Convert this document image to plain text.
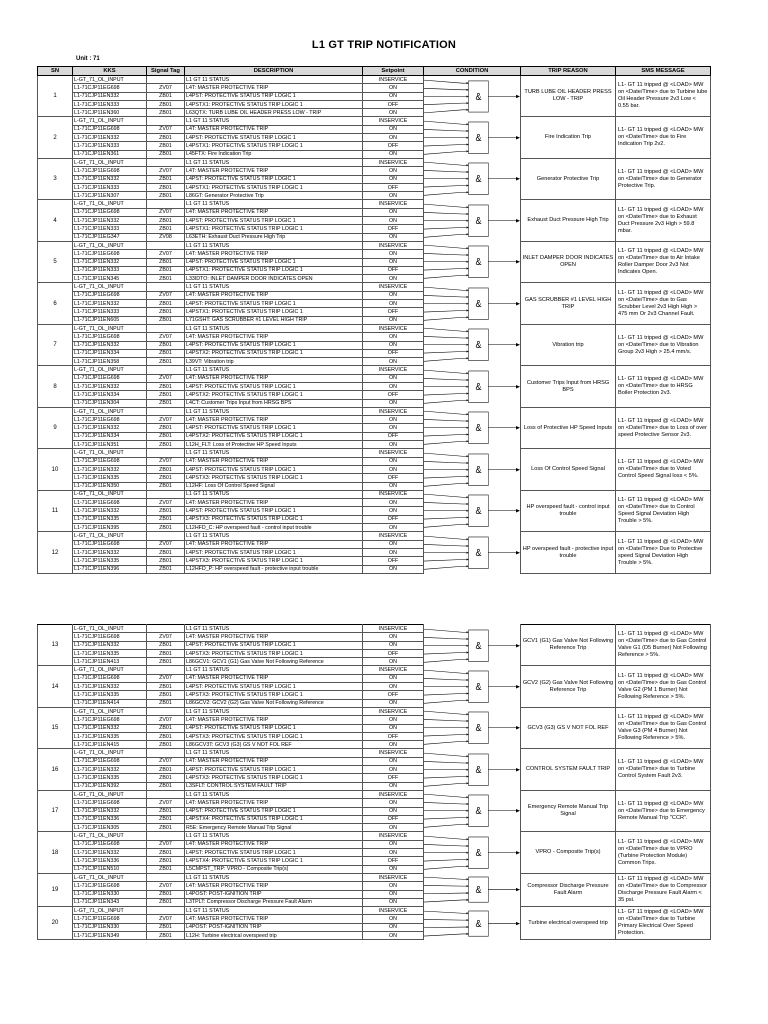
L1 GT TRIP NOTIFICATION
Unit : 71
SN	KKS	Signal Tag	DESCRIPTION	Setpoint	CONDITION	TRIP REASON	SMS MESSAGE
1	L-GT_71_OL_INPUT		L1 GT 11 STATUS	INSERVICE	&	TURB LUBE OIL HEADER PRESS LOW - TRIP	L1- GT 11 tripped @ <LOAD> MW on <Date/Time> due to Turbine lube Oil Header Pressure 2v3 Low < 0.55 bar.
	L1-71CJP11EG698	ZV07	L4T: MASTER PROTECTIVE TRIP	ON			
	L1-71CJP11EN332	ZB01	L4PST: PROTECTIVE STATUS TRIP LOGIC 1	ON			
	L1-71CJP11EN333	ZB01	L4PSTX1: PROTECTIVE STATUS TRIP LOGIC 1	OFF			
	L1-71CJP11EN360	ZB01	L63QTX: TURB LUBE OIL HEADER PRESS LOW - TRIP	ON			
2	L-GT_71_OL_INPUT		L1 GT 11 STATUS	INSERVICE	&	Fire Indication Trip	L1- GT 11 tripped @ <LOAD> MW on <Date/Time> due to Fire Indication Trip 2v2.
	L1-71CJP11EG698	ZV07	L4T: MASTER PROTECTIVE TRIP	ON			
	L1-71CJP11EN332	ZB01	L4PST: PROTECTIVE STATUS TRIP LOGIC 1	ON			
	L1-71CJP11EN333	ZB01	L4PSTX1: PROTECTIVE STATUS TRIP LOGIC 1	OFF			
	L1-71CJP11EN361	ZB01	L45FTX: Fire Indication Trip	ON			
3	L-GT_71_OL_INPUT		L1 GT 11 STATUS	INSERVICE	&	Generator Protective Trip	L1- GT 11 tripped @ <LOAD> MW on <Date/Time> due to Generator Protective Trip.
	L1-71CJP11EG698	ZV07	L4T: MASTER PROTECTIVE TRIP	ON			
	L1-71CJP11EN332	ZB01	L4PST: PROTECTIVE STATUS TRIP LOGIC 1	ON			
	L1-71CJP11EN333	ZB01	L4PSTX1: PROTECTIVE STATUS TRIP LOGIC 1	OFF			
	L1-71CJP11EN307	ZB01	L86GT: Generator Protective Trip	ON			
4	L-GT_71_OL_INPUT		L1 GT 11 STATUS	INSERVICE	&	Exhaust Duct Pressure High Trip	L1- GT 11 tripped @ <LOAD> MW on <Date/Time> due to Exhaust Duct Pressure 2v3 High > 59.8 mbar.
	L1-71CJP11EG698	ZV07	L4T: MASTER PROTECTIVE TRIP	ON			
	L1-71CJP11EN332	ZB01	L4PST: PROTECTIVE STATUS TRIP LOGIC 1	ON			
	L1-71CJP11EN333	ZB01	L4PSTX1: PROTECTIVE STATUS TRIP LOGIC 1	OFF			
	L1-71CJP11EG347	ZV08	L63ETH: Exhaust Duct Pressure High Trip	ON			
5	L-GT_71_OL_INPUT		L1 GT 11 STATUS	INSERVICE	&	INLET DAMPER DOOR INDICATES OPEN	L1- GT 11 tripped @ <LOAD> MW on <Date/Time> due to Air Intake Roller Damper Door 2v3 Not Indicates Open.
	L1-71CJP11EG698	ZV07	L4T: MASTER PROTECTIVE TRIP	ON			
	L1-71CJP11EN332	ZB01	L4PST: PROTECTIVE STATUS TRIP LOGIC 1	ON			
	L1-71CJP11EN333	ZB01	L4PSTX1: PROTECTIVE STATUS TRIP LOGIC 1	OFF			
	L1-71CJP11EN345	ZB01	L33IDTO: INLET DAMPER DOOR INDICATES OPEN	ON			
6	L-GT_71_OL_INPUT		L1 GT 11 STATUS	INSERVICE	&	GAS SCRUBBER #1 LEVEL HIGH TRIP	L1- GT 11 tripped @ <LOAD> MW on <Date/Time> due to Gas Scrubber Level 2v3 High High > 475 mm Or 2v3 Channel Fault.
	L1-71CJP11EG698	ZV07	L4T: MASTER PROTECTIVE TRIP	ON			
	L1-71CJP11EN332	ZB01	L4PST: PROTECTIVE STATUS TRIP LOGIC 1	ON			
	L1-71CJP11EN333	ZB01	L4PSTX1: PROTECTIVE STATUS TRIP LOGIC 1	OFF			
	L1-71CJP11EN605	ZB01	L71GSHT: GAS SCRUBBER #1 LEVEL HIGH TRIP	ON			
7	L-GT_71_OL_INPUT		L1 GT 11 STATUS	INSERVICE	&	Vibration trip	L1- GT 11 tripped @ <LOAD> MW on <Date/Time> due to Vibration Group 2v3 High > 25.4 mm/s.
	L1-71CJP11EG698	ZV07	L4T: MASTER PROTECTIVE TRIP	ON			
	L1-71CJP11EN332	ZB01	L4PST: PROTECTIVE STATUS TRIP LOGIC 1	ON			
	L1-71CJP11EN334	ZB01	L4PSTX2: PROTECTIVE STATUS TRIP LOGIC 1	OFF			
	L1-71CJP11EN358	ZB01	L39VT: Vibration trip	ON			
8	L-GT_71_OL_INPUT		L1 GT 11 STATUS	INSERVICE	&	Customer Trips Input from HRSG BPS	L1- GT 11 tripped @ <LOAD> MW on <Date/Time> due to HRSG Boiler Protection 2v3.
	L1-71CJP11EG698	ZV07	L4T: MASTER PROTECTIVE TRIP	ON			
	L1-71CJP11EN332	ZB01	L4PST: PROTECTIVE STATUS TRIP LOGIC 1	ON			
	L1-71CJP11EN334	ZB01	L4PSTX2: PROTECTIVE STATUS TRIP LOGIC 1	OFF			
	L1-71CJP11EN304	ZB01	L4CT: Customer Trips Input from HRSG BPS	ON			
9	L-GT_71_OL_INPUT		L1 GT 11 STATUS	INSERVICE	&	Loss of Protective HP Speed Inputs	L1- GT 11 tripped @ <LOAD> MW on <Date/Time> due to Loss of over speed Protective Sensor 2v3.
	L1-71CJP11EG698	ZV07	L4T: MASTER PROTECTIVE TRIP	ON			
	L1-71CJP11EN332	ZB01	L4PST: PROTECTIVE STATUS TRIP LOGIC 1	ON			
	L1-71CJP11EN334	ZB01	L4PSTX2: PROTECTIVE STATUS TRIP LOGIC 1	OFF			
	L1-71CJP11EN351	ZB01	L12H_FLT: Loss of Protective HP Speed Inputs	ON			
10	L-GT_71_OL_INPUT		L1 GT 11 STATUS	INSERVICE	&	Loss Of Control Speed Signal	L1- GT 11 tripped @ <LOAD> MW on <Date/Time> due to Voted Control Speed Signal loss < 5%.
	L1-71CJP11EG698	ZV07	L4T: MASTER PROTECTIVE TRIP	ON			
	L1-71CJP11EN332	ZB01	L4PST: PROTECTIVE STATUS TRIP LOGIC 1	ON			
	L1-71CJP11EN335	ZB01	L4PSTX3: PROTECTIVE STATUS TRIP LOGIC 1	OFF			
	L1-71CJP11EN350	ZB01	L12HF: Loss Of Control Speed Signal	ON			
11	L-GT_71_OL_INPUT		L1 GT 11 STATUS	INSERVICE	&	HP overspeed fault - control input trouble	L1- GT 11 tripped @ <LOAD> MW on <Date/Time> due to Control Speed Signal Deviation High Trouble > 5%.
	L1-71CJP11EG698	ZV07	L4T: MASTER PROTECTIVE TRIP	ON			
	L1-71CJP11EN332	ZB01	L4PST: PROTECTIVE STATUS TRIP LOGIC 1	ON			
	L1-71CJP11EN335	ZB01	L4PSTX3: PROTECTIVE STATUS TRIP LOGIC 1	OFF			
	L1-71CJP11EN395	ZB01	L12HFD_C: HP overspeed fault - control input trouble	ON			
12	L-GT_71_OL_INPUT		L1 GT 11 STATUS	INSERVICE	&	HP overspeed fault - protective input trouble	L1- GT 11 tripped @ <LOAD> MW on <Date/Time> Due to Protective speed Signal Deviation High Trouble > 5%.
	L1-71CJP11EG698	ZV07	L4T: MASTER PROTECTIVE TRIP	ON			
	L1-71CJP11EN332	ZB01	L4PST: PROTECTIVE STATUS TRIP LOGIC 1	ON			
	L1-71CJP11EN335	ZB01	L4PSTX3: PROTECTIVE STATUS TRIP LOGIC 1	OFF			
	L1-71CJP11EN396	ZB01	L12HFD_P: HP overspeed fault - protective input trouble	ON			
13	L-GT_71_OL_INPUT		L1 GT 11 STATUS	INSERVICE	&	GCV1 (G1) Gas Valve Not Following Reference Trip	L1- GT 11 tripped @ <LOAD> MW on <Date/Time> due to Gas Control Valve G1 (D5 Burner) Not Following Reference > 5%.
	L1-71CJP11EG698	ZV07	L4T: MASTER PROTECTIVE TRIP	ON			
	L1-71CJP11EN332	ZB01	L4PST: PROTECTIVE STATUS TRIP LOGIC 1	ON			
	L1-71CJP11EN335	ZB01	L4PSTX3: PROTECTIVE STATUS TRIP LOGIC 1	OFF			
	L1-71CJP11EN413	ZB01	L86GCV1: GCV1 (G1) Gas Valve Not Following Reference	ON			
14	L-GT_71_OL_INPUT		L1 GT 11 STATUS	INSERVICE	&	GCV2 (G2) Gas Valve Not Following Reference Trip	L1- GT 11 tripped @ <LOAD> MW on <Date/Time> due to Gas Control Valve G2 (PM 1 Burner) Not Following Reference > 5%.
	L1-71CJP11EG698	ZV07	L4T: MASTER PROTECTIVE TRIP	ON			
	L1-71CJP11EN332	ZB01	L4PST: PROTECTIVE STATUS TRIP LOGIC 1	ON			
	L1-71CJP11EN335	ZB01	L4PSTX3: PROTECTIVE STATUS TRIP LOGIC 1	OFF			
	L1-71CJP11EN414	ZB01	L86GCV2: GCV2 (G2) Gas Valve Not Following Reference	ON			
15	L-GT_71_OL_INPUT		L1 GT 11 STATUS	INSERVICE	&	GCV3 (G3) GS V NOT FOL REF	L1- GT 11 tripped @ <LOAD> MW on <Date/Time> due to Gas Control Valve G3 (PM 4 Burner) Not Following Reference > 5%.
	L1-71CJP11EG698	ZV07	L4T: MASTER PROTECTIVE TRIP	ON			
	L1-71CJP11EN332	ZB01	L4PST: PROTECTIVE STATUS TRIP LOGIC 1	ON			
	L1-71CJP11EN335	ZB01	L4PSTX3: PROTECTIVE STATUS TRIP LOGIC 1	OFF			
	L1-71CJP11EN415	ZB01	L86GCV3T: GCV3 (G3) GS V NOT FOL REF	ON			
16	L-GT_71_OL_INPUT		L1 GT 11 STATUS	INSERVICE	&	CONTROL SYSTEM FAULT TRIP	L1- GT 11 tripped @ <LOAD> MW on <Date/Time> due to Turbine Control System Fault 2v3.
	L1-71CJP11EG698	ZV07	L4T: MASTER PROTECTIVE TRIP	ON			
	L1-71CJP11EN332	ZB01	L4PST: PROTECTIVE STATUS TRIP LOGIC 1	ON			
	L1-71CJP11EN335	ZB01	L4PSTX3: PROTECTIVE STATUS TRIP LOGIC 1	OFF			
	L1-71CJP11EN392	ZB01	L3SFLT: CONTROL SYSTEM FAULT TRIP	ON			
17	L-GT_71_OL_INPUT		L1 GT 11 STATUS	INSERVICE	&	Emergency Remote Manual Trip Signal	L1- GT 11 tripped @ <LOAD> MW on <Date/Time> due to Emergency Remote Manual Trip "CCR".
	L1-71CJP11EG698	ZV07	L4T: MASTER PROTECTIVE TRIP	ON			
	L1-71CJP11EN332	ZB01	L4PST: PROTECTIVE STATUS TRIP LOGIC 1	ON			
	L1-71CJP11EN336	ZB01	L4PSTX4: PROTECTIVE STATUS TRIP LOGIC 1	OFF			
	L1-71CJP11EN305	ZB01	R5E: Emergency Remote Manual Trip Signal	ON			
18	L-GT_71_OL_INPUT		L1 GT 11 STATUS	INSERVICE	&	VPRO - Composite Trip(s)	L1- GT 11 tripped @ <LOAD> MW on <Date/Time> due to VPRO (Turbine Protection Module) Common Trips.
	L1-71CJP11EG698	ZV07	L4T: MASTER PROTECTIVE TRIP	ON			
	L1-71CJP11EN332	ZB01	L4PST: PROTECTIVE STATUS TRIP LOGIC 1	ON			
	L1-71CJP11EN336	ZB01	L4PSTX4: PROTECTIVE STATUS TRIP LOGIC 1	OFF			
	L1-71CJP11EN510	ZB01	L5CMPST_TRP: VPRO - Composite Trip(s)	ON			
19	L-GT_71_OL_INPUT		L1 GT 11 STATUS	INSERVICE	&	Compressor Discharge Pressure Fault Alarm	L1- GT 11 tripped @ <LOAD> MW on <Date/Time> due to Compressor Discharge Pressure Fault Alarm < 35 psi.
	L1-71CJP11EG698	ZV07	L4T: MASTER PROTECTIVE TRIP	ON			
	L1-71CJP11EN330	ZB01	L4POST: POST-IGNITION TRIP	ON			
	L1-71CJP11EN343	ZB01	L3TPLT: Compressor Discharge Pressure Fault Alarm	ON			
20	L-GT_71_OL_INPUT		L1 GT 11 STATUS	INSERVICE	&	Turbine electrical overspeed trip	L1- GT 11 tripped @ <LOAD> MW on <Date/Time> due to Turbine Primary Electrical Over Speed Protection.
	L1-71CJP11EG698	ZV07	L4T: MASTER PROTECTIVE TRIP	ON			
	L1-71CJP11EN330	ZB01	L4POST: POST-IGNITION TRIP	ON			
	L1-71CJP11EN349	ZB01	L12H: Turbine electrical overspeed trip	ON			
